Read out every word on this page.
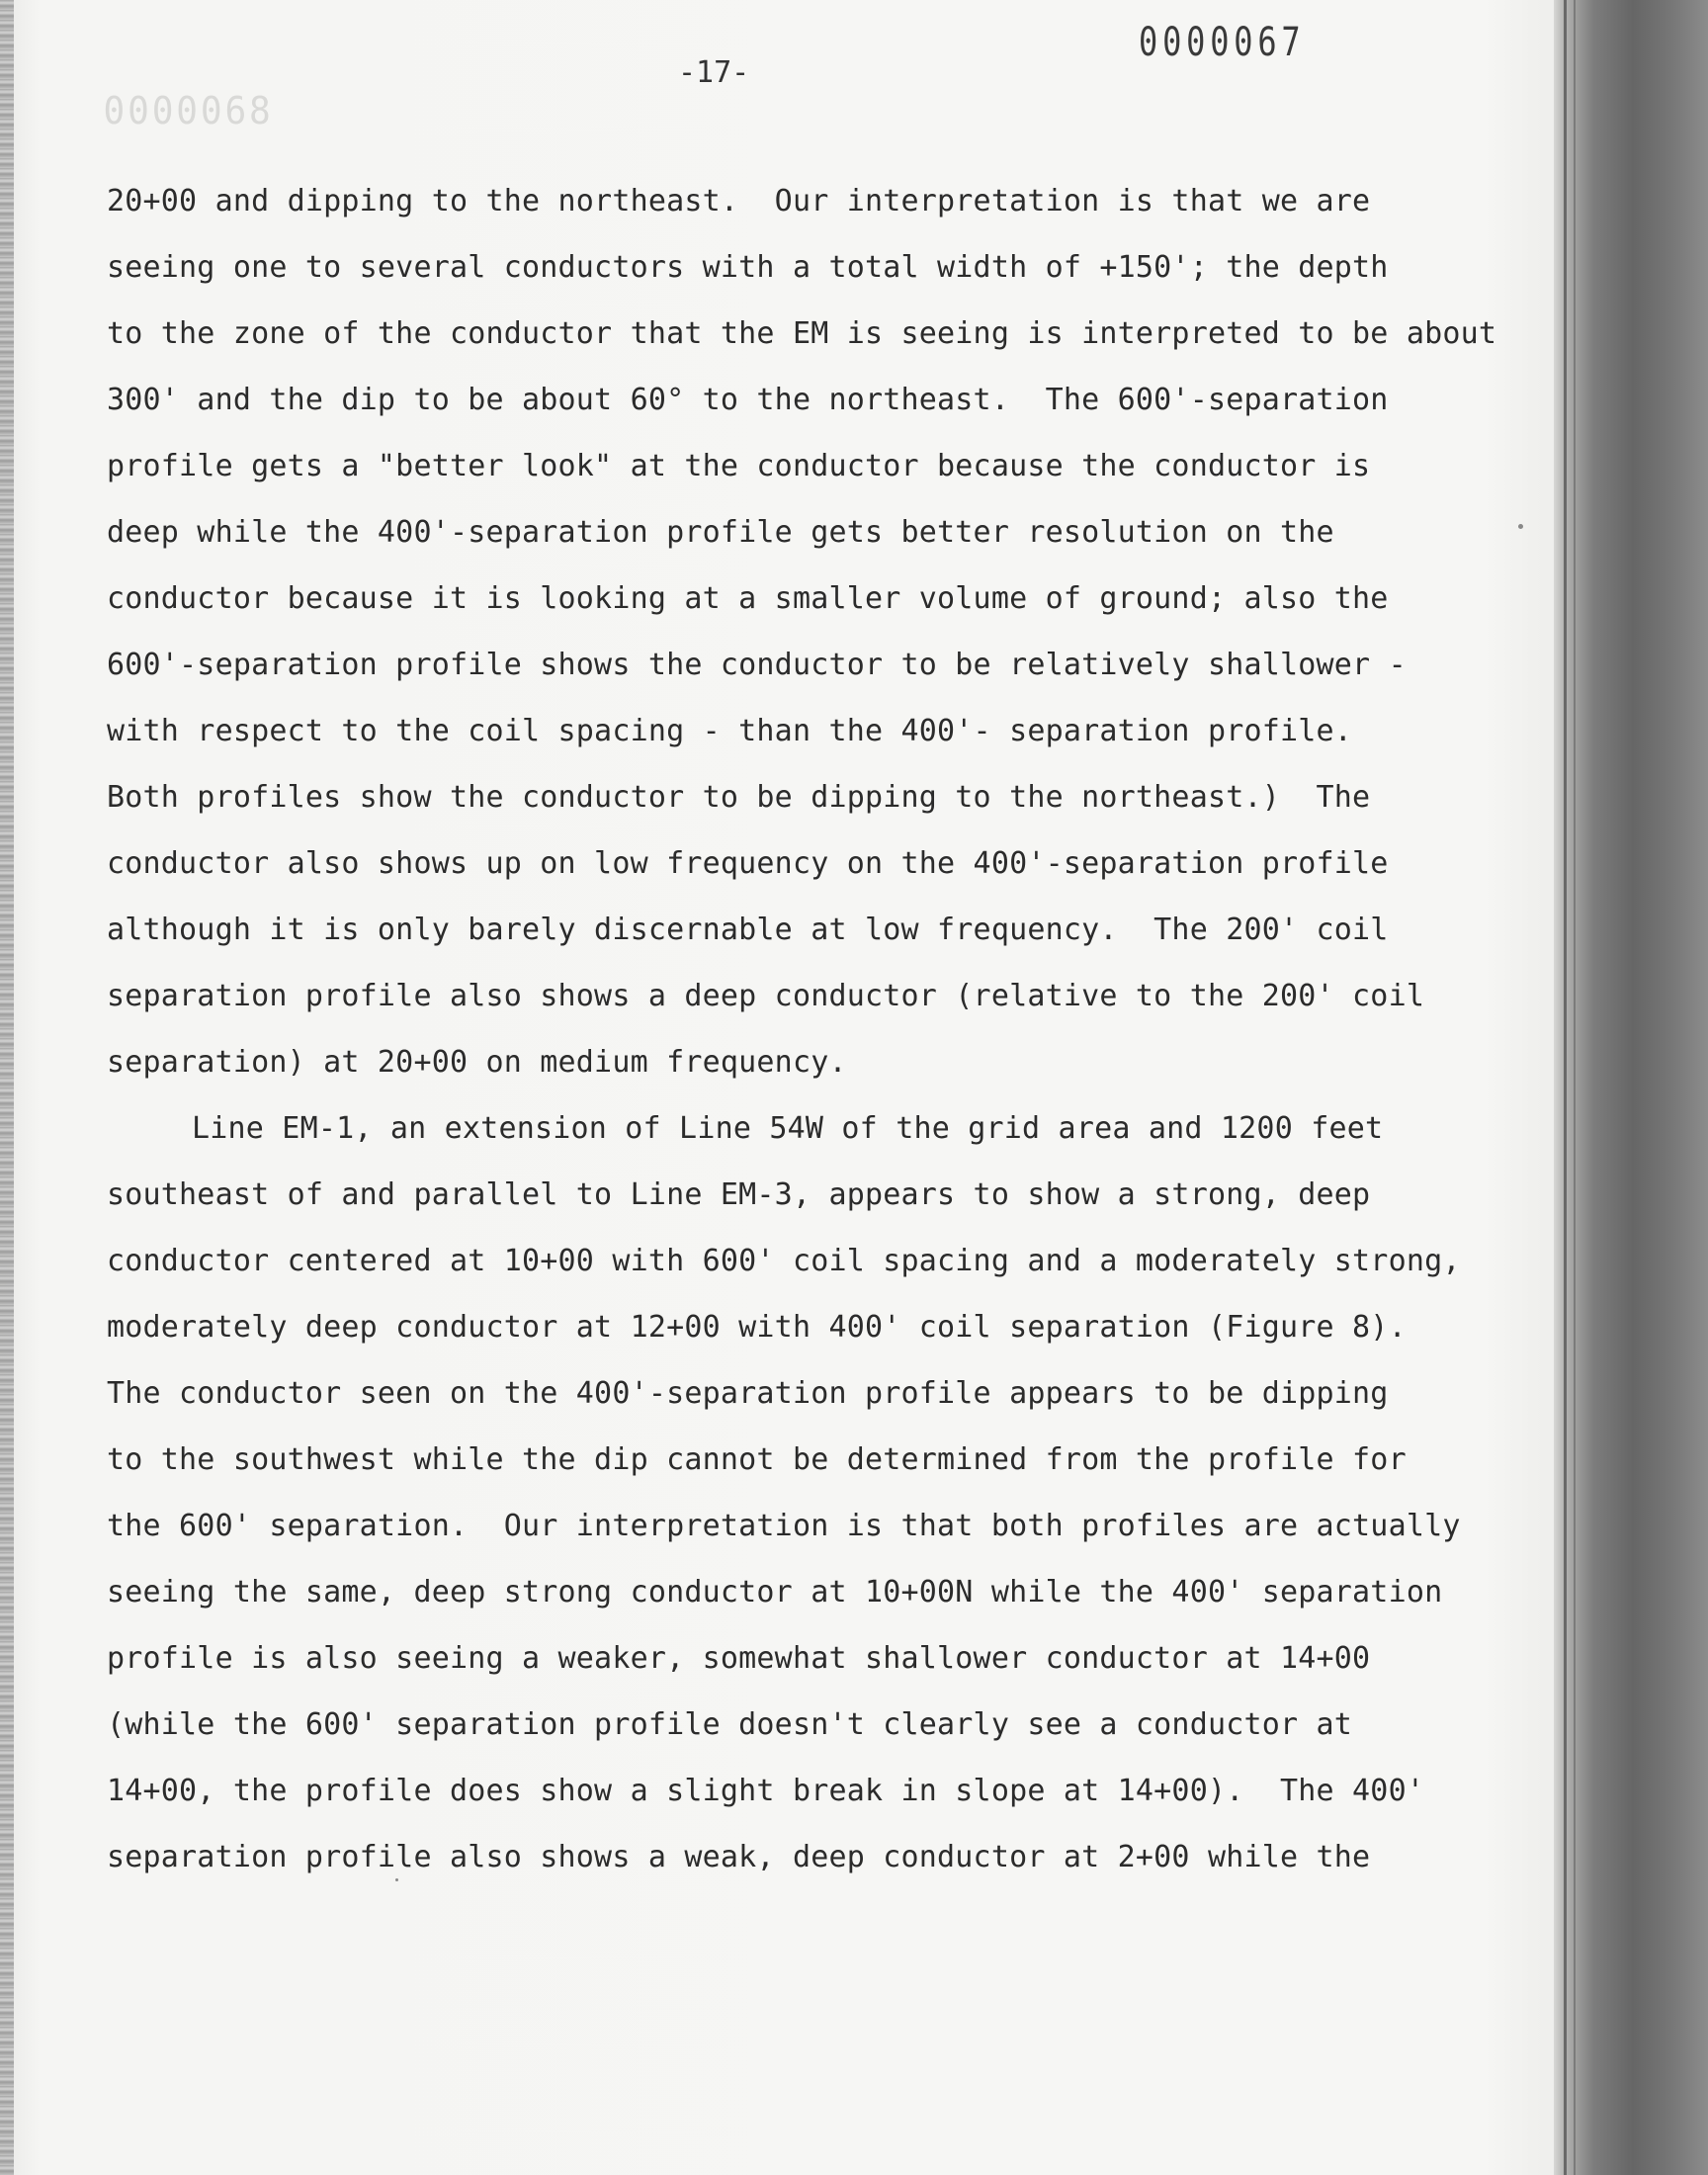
0000068
-17-
0000067
20+00 and dipping to the northeast.  Our interpretation is that we are
seeing one to several conductors with a total width of +150'; the depth
to the zone of the conductor that the EM is seeing is interpreted to be about
300' and the dip to be about 60° to the northeast.  The 600'-separation
profile gets a "better look" at the conductor because the conductor is
deep while the 400'-separation profile gets better resolution on the
conductor because it is looking at a smaller volume of ground; also the
600'-separation profile shows the conductor to be relatively shallower -
with respect to the coil spacing - than the 400'- separation profile.
Both profiles show the conductor to be dipping to the northeast.)  The
conductor also shows up on low frequency on the 400'-separation profile
although it is only barely discernable at low frequency.  The 200' coil
separation profile also shows a deep conductor (relative to the 200' coil
separation) at 20+00 on medium frequency.
Line EM-1, an extension of Line 54W of the grid area and 1200 feet
southeast of and parallel to Line EM-3, appears to show a strong, deep
conductor centered at 10+00 with 600' coil spacing and a moderately strong,
moderately deep conductor at 12+00 with 400' coil separation (Figure 8).
The conductor seen on the 400'-separation profile appears to be dipping
to the southwest while the dip cannot be determined from the profile for
the 600' separation.  Our interpretation is that both profiles are actually
seeing the same, deep strong conductor at 10+00N while the 400' separation
profile is also seeing a weaker, somewhat shallower conductor at 14+00
(while the 600' separation profile doesn't clearly see a conductor at
14+00, the profile does show a slight break in slope at 14+00).  The 400'
separation profile also shows a weak, deep conductor at 2+00 while the
